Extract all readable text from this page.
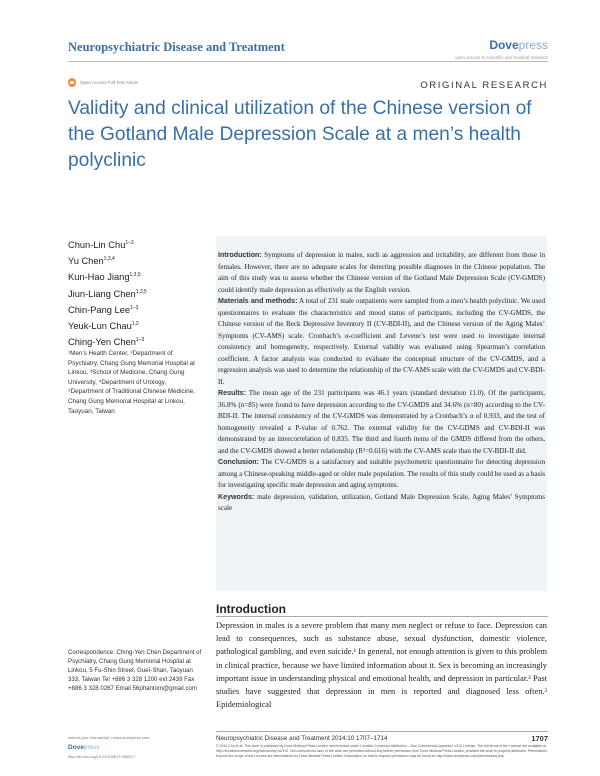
Neuropsychiatric Disease and Treatment	Dovepress
open access to scientific and medical research
Open Access Full Text Article	ORIGINAL RESEARCH
Validity and clinical utilization of the Chinese version of the Gotland Male Depression Scale at a men’s health polyclinic
Chun-Lin Chu$^{1-3}$
Yu Chen$^{1,3,4}$
Kun-Hao Jiang$^{1,3,5}$
Jiun-Liang Chen$^{1,3,5}$
Chin-Pang Lee$^{1-3}$
Yeuk-Lun Chau$^{1,2}$
Ching-Yen Chen$^{1-3}$
¹Men’s Health Center, ²Department of Psychiatry, Chang Gung Memorial Hospital at Linkou, ³School of Medicine, Chang Gung University, ⁴Department of Urology, ⁵Department of Traditional Chinese Medicine, Chang Gung Memorial Hospital at Linkou, Taoyuan, Taiwan
Correspondence: Ching-Yen Chen Department of Psychiatry, Chang Gung Memorial Hospital at Linkou, 5 Fu-Shin Street, Gueī-Shan, Taoyuan 333, Taiwan Tel +886 3 328 1200 ext 2439 Fax +886 3 328 0267 Email 56phantom@gmail.com

Introduction: Symptoms of depression in males, such as aggression and irritability, are different from those in females. However, there are no adequate scales for detecting possible diagnoses in the Chinese population. The aim of this study was to assess whether the Chinese version of the Gotland Male Depression Scale (CV-GMDS) could identify male depression as effectively as the English version.

Materials and methods: A total of 231 male outpatients were sampled from a men’s health polyclinic. We used questionnaires to evaluate the characteristics and mood status of participants, including the CV-GMDS, the Chinese version of the Beck Depressive Inventory II (CV-BDI-II), and the Chinese version of the Aging Males’ Symptoms (CV-AMS) scale. Cronbach’s α-coefficient and Levene’s test were used to investigate internal consistency and homogeneity, respectively. External validity was evaluated using Spearman’s correlation coefficient. A factor analysis was conducted to evaluate the conceptual structure of the CV-GMDS, and a regression analysis was used to determine the relationship of the CV-AMS scale with the CV-GMDS and CV-BDI-II.

Results: The mean age of the 231 participants was 46.1 years (standard deviation 11.0). Of the participants, 36.8% (n=85) were found to have depression according to the CV-GMDS and 34.6% (n=80) according to the CV-BDI-II. The internal consistency of the CV-GMDS was demonstrated by a Cronbach’s α of 0.933, and the test of homogeneity revealed a P-value of 0.762. The external validity for the CV-GDMS and CV-BDI-II was demonstrated by an intercorrelation of 0.835. The third and fourth items of the GMDS differed from the others, and the CV-GMDS showed a better relationship (R²=0.616) with the CV-AMS scale than the CV-BDI-II did.

Conclusion: The CV-GMDS is a satisfactory and suitable psychometric questionnaire for detecting depression among a Chinese-speaking middle-aged or older male population. The results of this study could be used as a basis for investigating specific male depression and aging symptoms.

Keywords: male depression, validation, utilization, Gotland Male Depression Scale, Aging Males’ Symptoms scale

Introduction

Depression in males is a severe problem that many men neglect or refuse to face. Depression can lead to consequences, such as substance abuse, sexual dysfunction, domestic violence, pathological gambling, and even suicide.¹ In general, not enough attention is given to this problem in clinical practice, because we have limited information about it. Sex is becoming an increasingly important issue in understanding physical and emotional health, and depression in particular.² Past studies have suggested that depression in men is reported and diagnosed less often.³ Epidemiological

Neuropsychiatric Disease and Treatment 2014:10 1707–1714	1707
© 2014 Chu et al. This work is published by Dove Medical Press Limited, and licensed under Creative Commons Attribution – Non Commercial (unported, v3.0) License. The full terms of the License are available at http://creativecommons.org/licenses/by-nc/3.0/. Non-commercial uses of the work are permitted without any further permission from Dove Medical Press Limited, provided the work is properly attributed. Permissions beyond the scope of the License are administered by Dove Medical Press Limited. Information on how to request permission may be found at: http://www.dovepress.com/permissions.php
submit your manuscript | www.dovepress.com
Dovepress
http://dx.doi.org/10.2147/NDT.S69517
